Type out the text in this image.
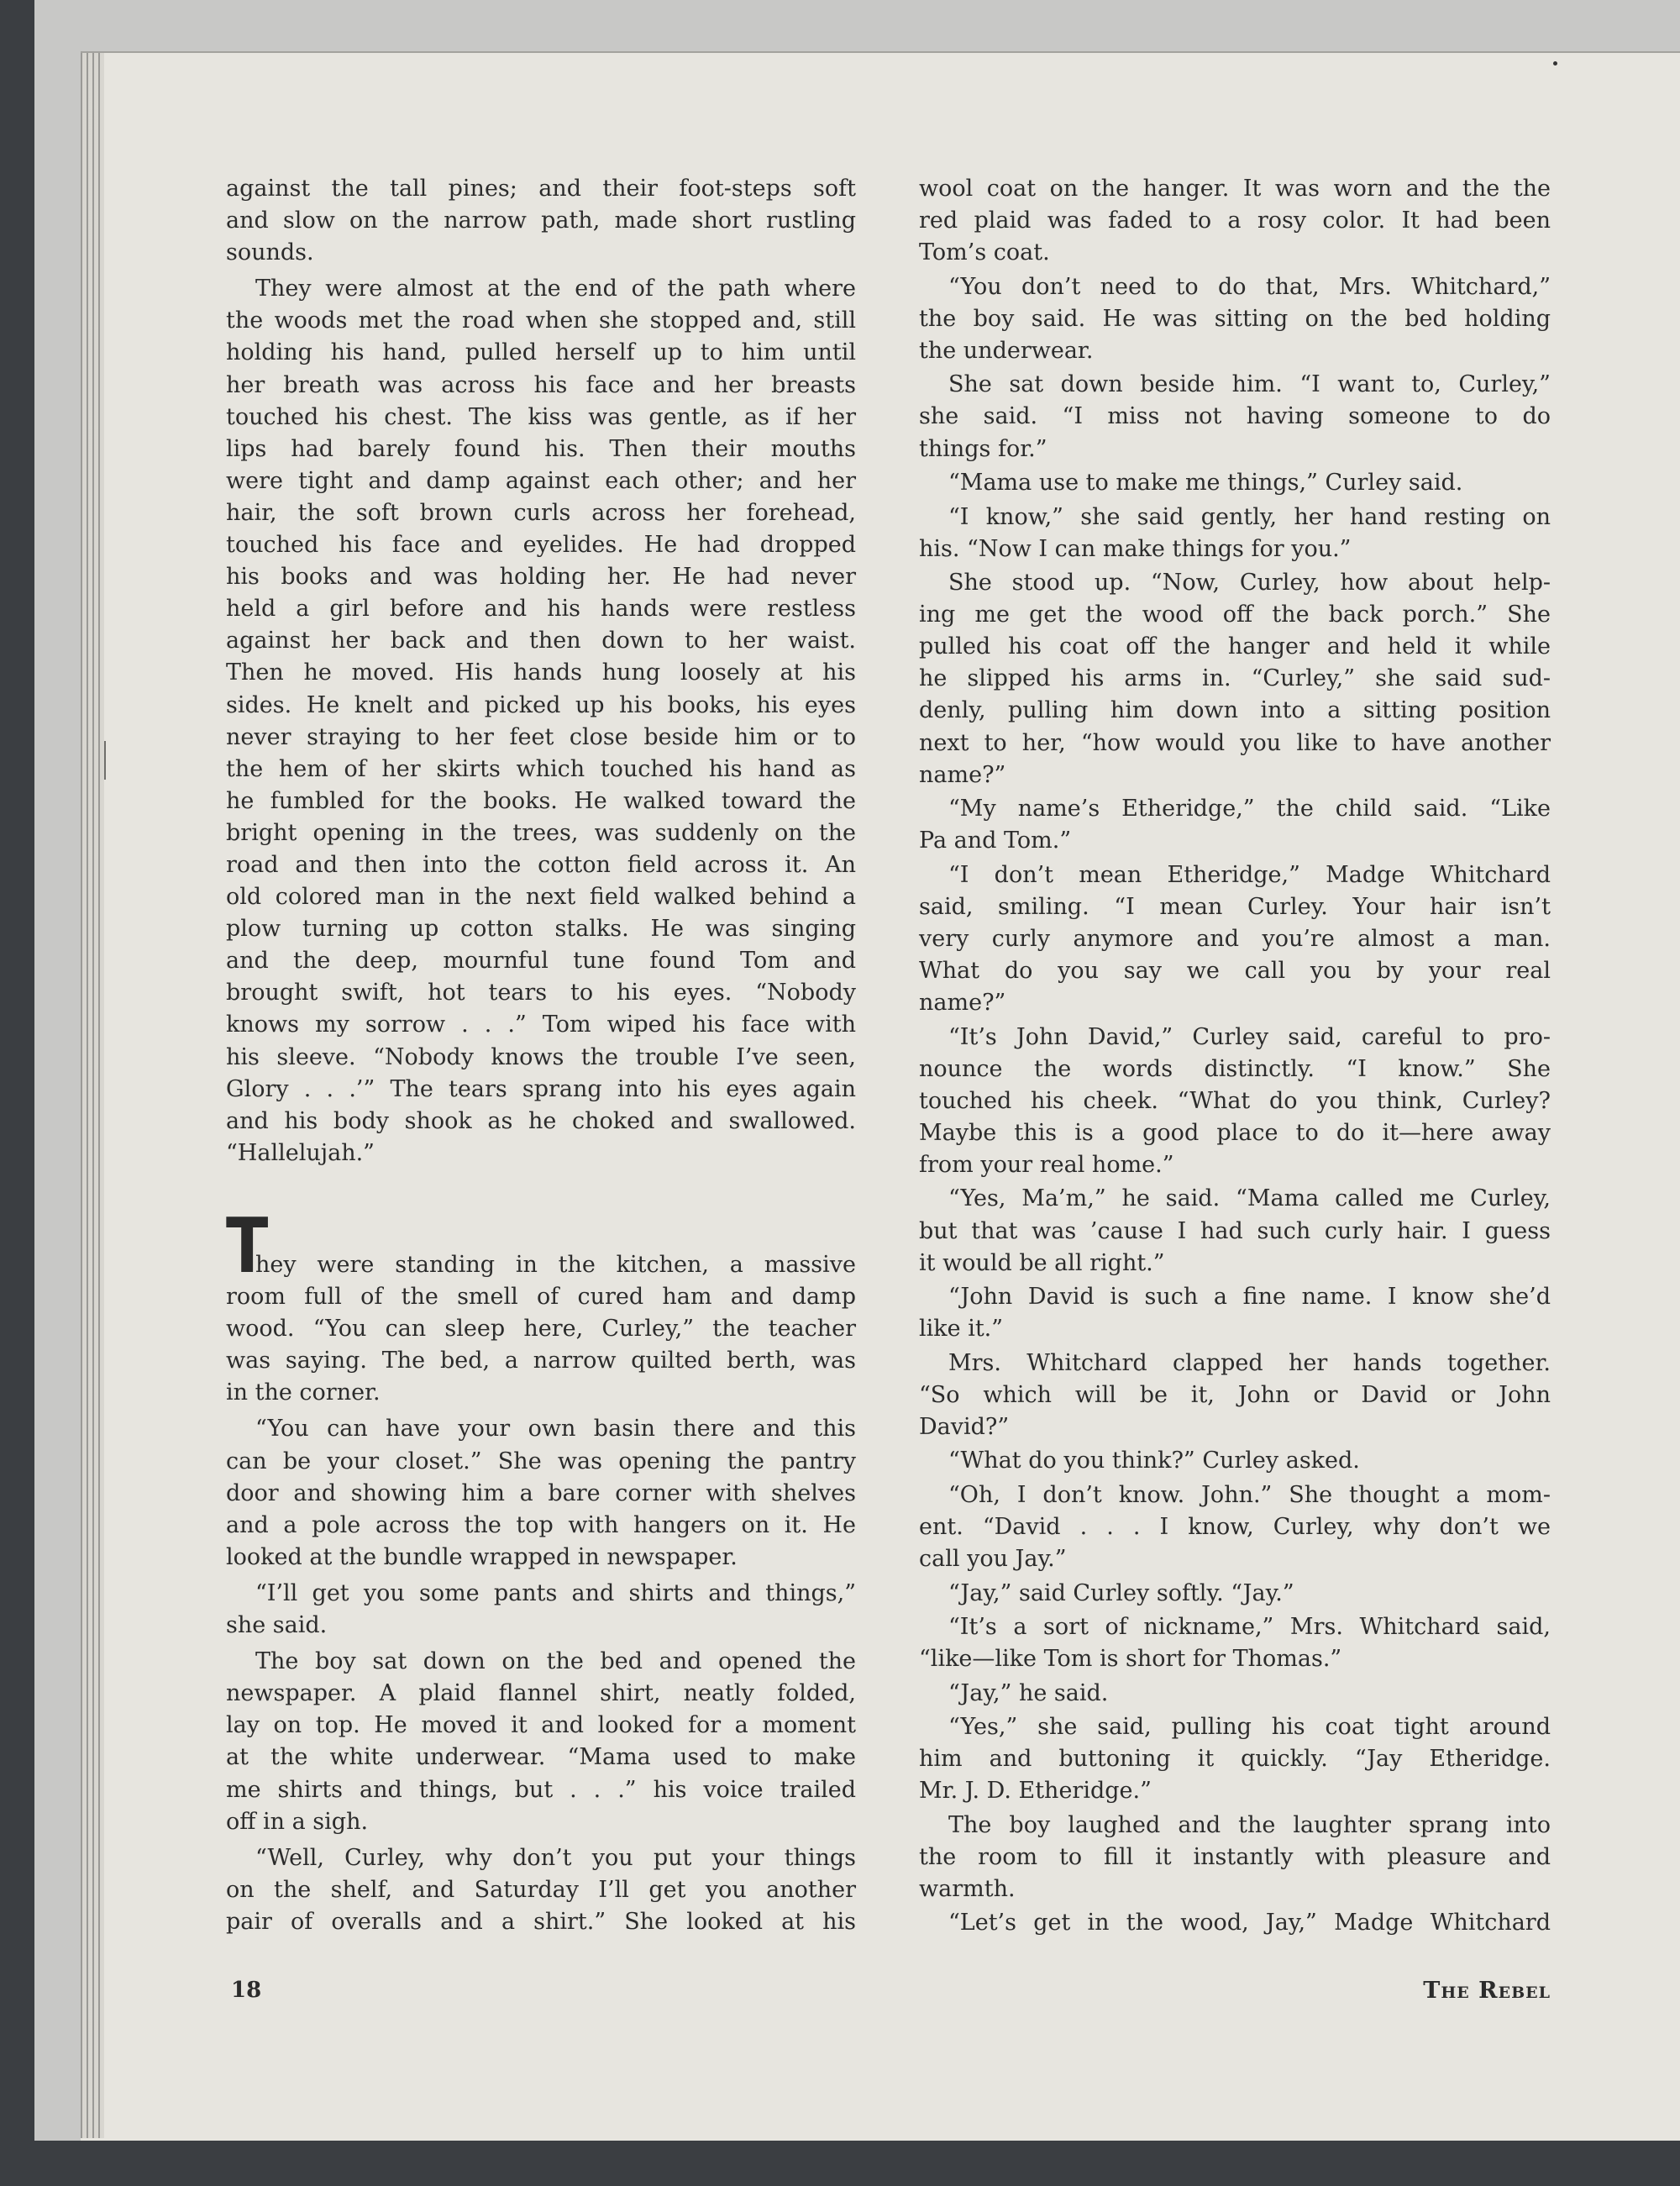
against the tall pines; and their foot-steps soft
and slow on the narrow path, made short rustling
sounds.
They were almost at the end of the path where
the woods met the road when she stopped and, still
holding his hand, pulled herself up to him until
her breath was across his face and her breasts
touched his chest. The kiss was gentle, as if her
lips had barely found his. Then their mouths
were tight and damp against each other; and her
hair, the soft brown curls across her forehead,
touched his face and eyelides. He had dropped
his books and was holding her. He had never
held a girl before and his hands were restless
against her back and then down to her waist.
Then he moved. His hands hung loosely at his
sides. He knelt and picked up his books, his eyes
never straying to her feet close beside him or to
the hem of her skirts which touched his hand as
he fumbled for the books. He walked toward the
bright opening in the trees, was suddenly on the
road and then into the cotton field across it. An
old colored man in the next field walked behind a
plow turning up cotton stalks. He was singing
and the deep, mournful tune found Tom and
brought swift, hot tears to his eyes. “Nobody
knows my sorrow . . .” Tom wiped his face with
his sleeve. “Nobody knows the trouble I’ve seen,
Glory . . .’” The tears sprang into his eyes again
and his body shook as he choked and swallowed.
“Hallelujah.”
T
hey were standing in the kitchen, a massive
room full of the smell of cured ham and damp
wood. “You can sleep here, Curley,” the teacher
was saying. The bed, a narrow quilted berth, was
in the corner.
“You can have your own basin there and this
can be your closet.” She was opening the pantry
door and showing him a bare corner with shelves
and a pole across the top with hangers on it. He
looked at the bundle wrapped in newspaper.
“I’ll get you some pants and shirts and things,”
she said.
The boy sat down on the bed and opened the
newspaper. A plaid flannel shirt, neatly folded,
lay on top. He moved it and looked for a moment
at the white underwear. “Mama used to make
me shirts and things, but . . .” his voice trailed
off in a sigh.
“Well, Curley, why don’t you put your things
on the shelf, and Saturday I’ll get you another
pair of overalls and a shirt.” She looked at his
wool coat on the hanger. It was worn and the the
red plaid was faded to a rosy color. It had been
Tom’s coat.
“You don’t need to do that, Mrs. Whitchard,”
the boy said. He was sitting on the bed holding
the underwear.
She sat down beside him. “I want to, Curley,”
she said. “I miss not having someone to do
things for.”
“Mama use to make me things,” Curley said.
“I know,” she said gently, her hand resting on
his. “Now I can make things for you.”
She stood up. “Now, Curley, how about help-
ing me get the wood off the back porch.” She
pulled his coat off the hanger and held it while
he slipped his arms in. “Curley,” she said sud-
denly, pulling him down into a sitting position
next to her, “how would you like to have another
name?”
“My name’s Etheridge,” the child said. “Like
Pa and Tom.”
“I don’t mean Etheridge,” Madge Whitchard
said, smiling. “I mean Curley. Your hair isn’t
very curly anymore and you’re almost a man.
What do you say we call you by your real
name?”
“It’s John David,” Curley said, careful to pro-
nounce the words distinctly. “I know.” She
touched his cheek. “What do you think, Curley?
Maybe this is a good place to do it—here away
from your real home.”
“Yes, Ma’m,” he said. “Mama called me Curley,
but that was ’cause I had such curly hair. I guess
it would be all right.”
“John David is such a fine name. I know she’d
like it.”
Mrs. Whitchard clapped her hands together.
“So which will be it, John or David or John
David?”
“What do you think?” Curley asked.
“Oh, I don’t know. John.” She thought a mom-
ent. “David . . . I know, Curley, why don’t we
call you Jay.”
“Jay,” said Curley softly. “Jay.”
“It’s a sort of nickname,” Mrs. Whitchard said,
“like—like Tom is short for Thomas.”
“Jay,” he said.
“Yes,” she said, pulling his coat tight around
him and buttoning it quickly. “Jay Etheridge.
Mr. J. D. Etheridge.”
The boy laughed and the laughter sprang into
the room to fill it instantly with pleasure and
warmth.
“Let’s get in the wood, Jay,” Madge Whitchard
18	The Rebel
